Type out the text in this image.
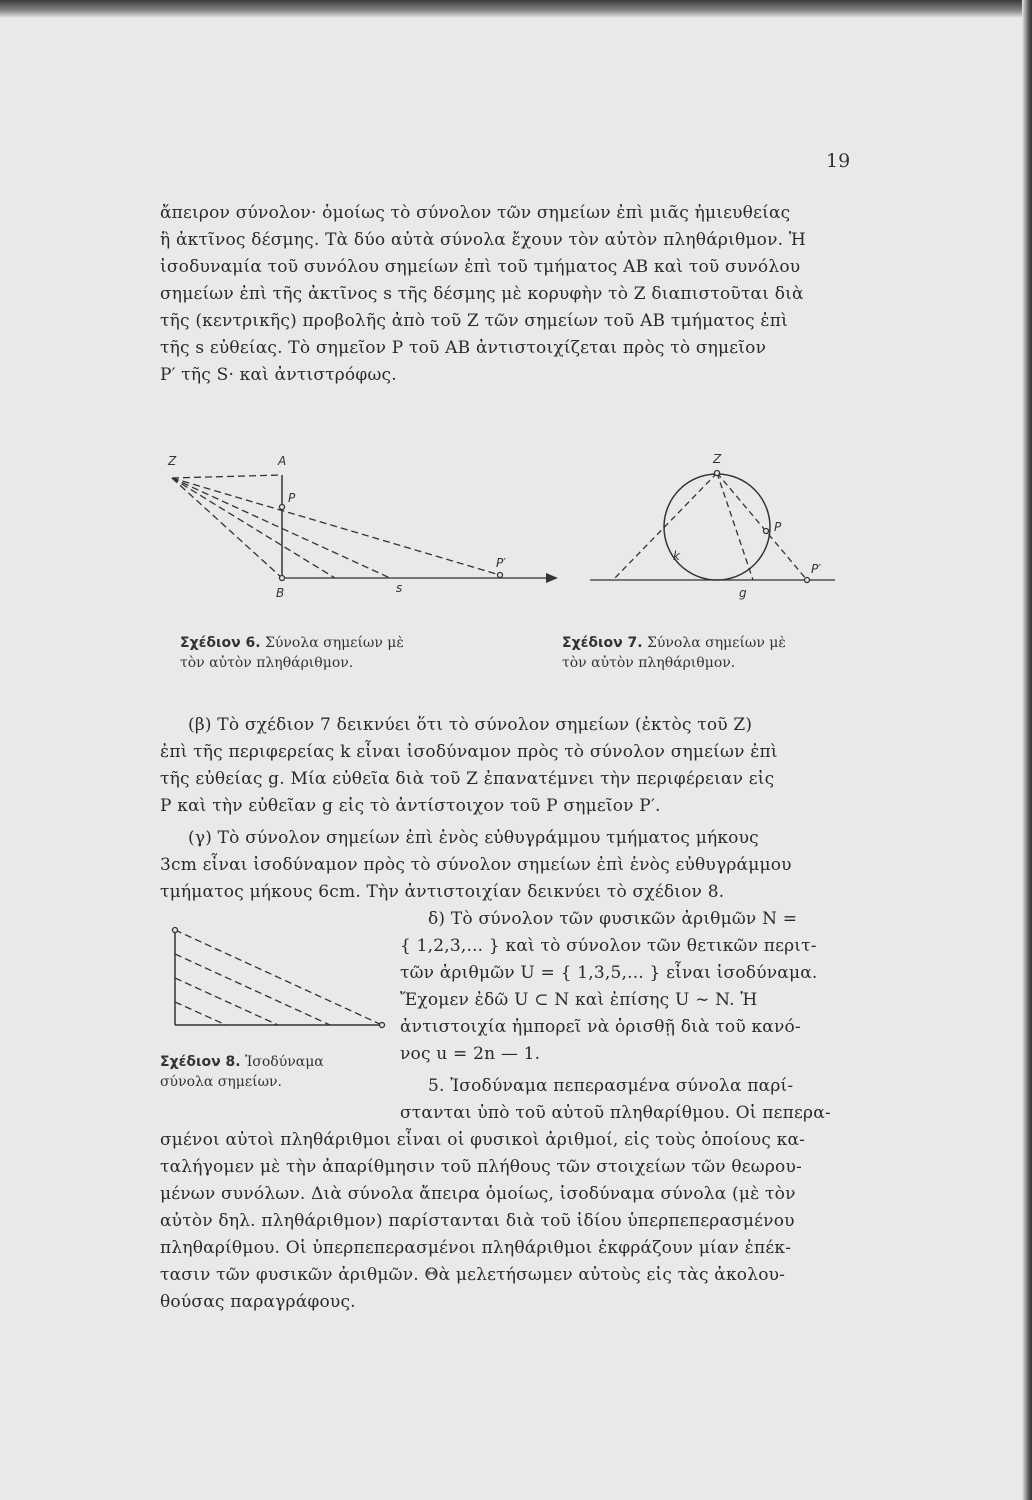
19

ἄπειρον σύνολον· ὁμοίως τὸ σύνολον τῶν σημείων ἐπὶ μιᾶς ἡμιευθείας

ἢ ἀκτῖνος δέσμης. Τὰ δύο αὐτὰ σύνολα ἔχουν τὸν αὐτὸν πληθάριθμον. Ἡ

ἰσοδυναμία τοῦ συνόλου σημείων ἐπὶ τοῦ τμήματος AB καὶ τοῦ συνόλου

σημείων ἐπὶ τῆς ἀκτῖνος s τῆς δέσμης μὲ κορυφὴν τὸ Z διαπιστοῦται διὰ

τῆς (κεντρικῆς) προβολῆς ἀπὸ τοῦ Z τῶν σημείων τοῦ AB τμήματος ἐπὶ

τῆς s εὐθείας. Τὸ σημεῖον P τοῦ AB ἀντιστοιχίζεται πρὸς τὸ σημεῖον

P′ τῆς S· καὶ ἀντιστρόφως.

Z	A
P
B	s
P′
Σχέδιον 6. Σύνολα σημείων μὲ
τὸν αὐτὸν πληθάριθμον.
Z
k
P
P′
g
Σχέδιον 7. Σύνολα σημείων μὲ
τὸν αὐτὸν πληθάριθμον.

(β) Τὸ σχέδιον 7 δεικνύει ὅτι τὸ σύνολον σημείων (ἐκτὸς τοῦ Z)

ἐπὶ τῆς περιφερείας k εἶναι ἰσοδύναμον πρὸς τὸ σύνολον σημείων ἐπὶ

τῆς εὐθείας g. Μία εὐθεῖα διὰ τοῦ Z ἐπανατέμνει τὴν περιφέρειαν εἰς

P καὶ τὴν εὐθεῖαν g εἰς τὸ ἀντίστοιχον τοῦ P σημεῖον P′.

(γ) Τὸ σύνολον σημείων ἐπὶ ἑνὸς εὐθυγράμμου τμήματος μήκους

3cm εἶναι ἰσοδύναμον πρὸς τὸ σύνολον σημείων ἐπὶ ἑνὸς εὐθυγράμμου

τμήματος μήκους 6cm. Τὴν ἀντιστοιχίαν δεικνύει τὸ σχέδιον 8.

Σχέδιον 8. Ἰσοδύναμα
σύνολα σημείων.

δ) Τὸ σύνολον τῶν φυσικῶν ἀριθμῶν N =

{ 1,2,3,... } καὶ τὸ σύνολον τῶν θετικῶν περιτ-

τῶν ἀριθμῶν U = { 1,3,5,... } εἶναι ἰσοδύναμα.

Ἔχομεν ἐδῶ U ⊂ N καὶ ἐπίσης U ∼ N. Ἡ

ἀντιστοιχία ἠμπορεῖ νὰ ὁρισθῇ διὰ τοῦ κανό-

νος u = 2n — 1.

5. Ἰσοδύναμα πεπερασμένα σύνολα παρί-

στανται ὑπὸ τοῦ αὐτοῦ πληθαρίθμου. Οἱ πεπερα-

σμένοι αὐτοὶ πληθάριθμοι εἶναι οἱ φυσικοὶ ἀριθμοί, εἰς τοὺς ὁποίους κα-

ταλήγομεν μὲ τὴν ἀπαρίθμησιν τοῦ πλήθους τῶν στοιχείων τῶν θεωρου-

μένων συνόλων. Διὰ σύνολα ἄπειρα ὁμοίως, ἰσοδύναμα σύνολα (μὲ τὸν

αὐτὸν δηλ. πληθάριθμον) παρίστανται διὰ τοῦ ἰδίου ὑπερπεπερασμένου

πληθαρίθμου. Οἱ ὑπερπεπερασμένοι πληθάριθμοι ἐκφράζουν μίαν ἐπέκ-

τασιν τῶν φυσικῶν ἀριθμῶν. Θὰ μελετήσωμεν αὐτοὺς εἰς τὰς ἀκολου-

θούσας παραγράφους.
